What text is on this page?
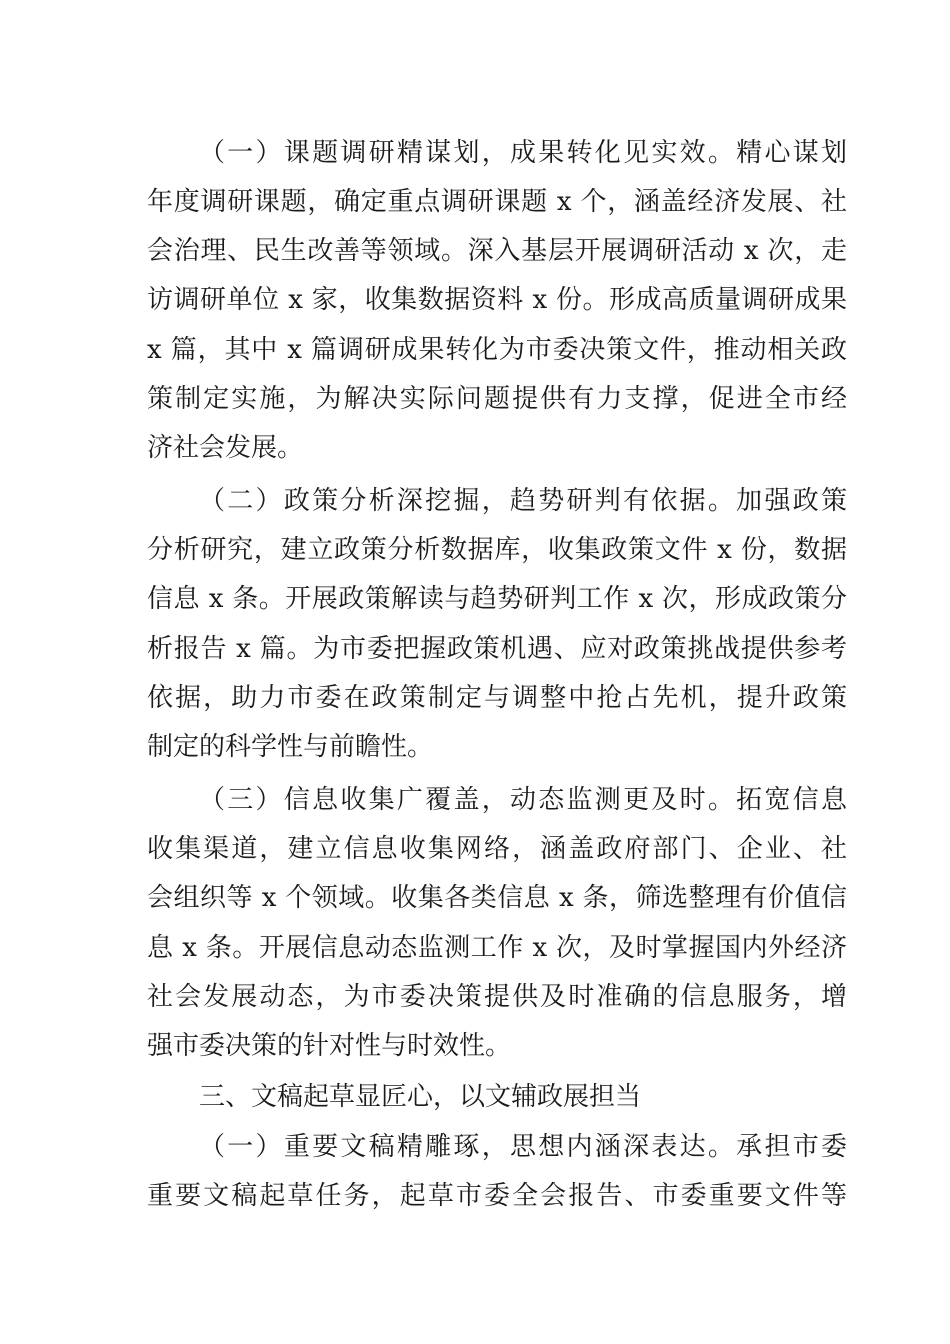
（一）课题调研精谋划，成果转化见实效。精心谋划
年度调研课题，确定重点调研课题 x 个，涵盖经济发展、社
会治理、民生改善等领域。深入基层开展调研活动 x 次，走
访调研单位 x 家，收集数据资料 x 份。形成高质量调研成果
x 篇，其中 x 篇调研成果转化为市委决策文件，推动相关政
策制定实施，为解决实际问题提供有力支撑，促进全市经
济社会发展。
（二）政策分析深挖掘，趋势研判有依据。加强政策
分析研究，建立政策分析数据库，收集政策文件 x 份，数据
信息 x 条。开展政策解读与趋势研判工作 x 次，形成政策分
析报告 x 篇。为市委把握政策机遇、应对政策挑战提供参考
依据，助力市委在政策制定与调整中抢占先机，提升政策
制定的科学性与前瞻性。
（三）信息收集广覆盖，动态监测更及时。拓宽信息
收集渠道，建立信息收集网络，涵盖政府部门、企业、社
会组织等 x 个领域。收集各类信息 x 条，筛选整理有价值信
息 x 条。开展信息动态监测工作 x 次，及时掌握国内外经济
社会发展动态，为市委决策提供及时准确的信息服务，增
强市委决策的针对性与时效性。
三、文稿起草显匠心，以文辅政展担当
（一）重要文稿精雕琢，思想内涵深表达。承担市委
重要文稿起草任务，起草市委全会报告、市委重要文件等
